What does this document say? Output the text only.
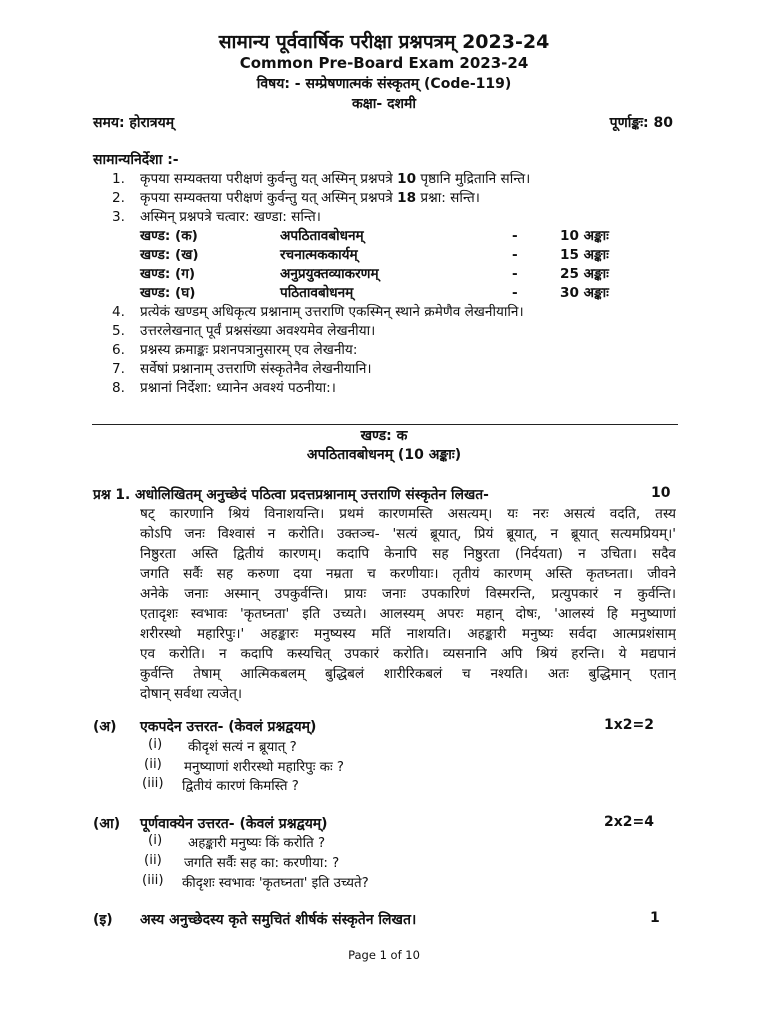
सामान्य पूर्ववार्षिक परीक्षा प्रश्नपत्रम् 2023-24
Common Pre-Board Exam 2023-24
विषय: - सम्प्रेषणात्मकं संस्कृतम् (Code-119)
कक्षा- दशमी
समय: होरात्रयम्	पूर्णाङ्कः: 80
सामान्यनिर्देशा :-
1.	कृपया सम्यक्तया परीक्षणं कुर्वन्तु यत् अस्मिन् प्रश्नपत्रे 10 पृष्ठानि मुद्रितानि सन्ति।
2.	कृपया सम्यक्तया परीक्षणं कुर्वन्तु यत् अस्मिन् प्रश्नपत्रे 18 प्रश्ना: सन्ति।
3.	अस्मिन् प्रश्नपत्रे चत्वार: खण्डा: सन्ति।
खण्ड: (क)	अपठितावबोधनम्	-	10 अङ्काः
खण्ड: (ख)	रचनात्मककार्यम्	-	15 अङ्काः
खण्ड: (ग)	अनुप्रयुक्तव्याकरणम्	-	25 अङ्काः
खण्ड: (घ)	पठितावबोधनम्	-	30 अङ्काः
4.	प्रत्येकं खण्डम् अधिकृत्य प्रश्नानाम् उत्तराणि एकस्मिन् स्थाने क्रमेणैव लेखनीयानि।
5.	उत्तरलेखनात् पूर्वं प्रश्नसंख्या अवश्यमेव लेखनीया।
6.	प्रश्नस्य क्रमाङ्कः प्रशनपत्रानुसारम् एव लेखनीय:
7.	सर्वेषां प्रश्नानाम् उत्तराणि संस्कृतेनैव लेखनीयानि।
8.	प्रश्नानां निर्देशा: ध्यानेन अवश्यं पठनीया:।
खण्ड: क
अपठितावबोधनम् (10 अङ्काः)
प्रश्न 1. अधोलिखितम् अनुच्छेदं पठित्वा प्रदत्तप्रश्नानाम् उत्तराणि संस्कृतेन लिखत-	10
षट् कारणानि श्रियं विनाशयन्ति। प्रथमं कारणमस्ति असत्यम्। यः नरः असत्यं वदति, तस्य
कोऽपि जनः विश्वासं न करोति। उक्तञ्च- 'सत्यं ब्रूयात्, प्रियं ब्रूयात्, न ब्रूयात् सत्यमप्रियम्।'
निष्ठुरता अस्ति द्वितीयं कारणम्। कदापि केनापि सह निष्ठुरता (निर्दयता) न उचिता। सदैव
जगति सर्वैः सह करुणा दया नम्रता च करणीयाः। तृतीयं कारणम् अस्ति कृतघ्नता। जीवने
अनेके जनाः अस्मान् उपकुर्वन्ति। प्रायः जनाः उपकारिणं विस्मरन्ति, प्रत्युपकारं न कुर्वन्ति।
एतादृशः स्वभावः 'कृतघ्नता' इति उच्यते। आलस्यम् अपरः महान् दोषः, 'आलस्यं हि मनुष्याणां
शरीरस्थो महारिपुः।' अहङ्कारः मनुष्यस्य मतिं नाशयति। अहङ्कारी मनुष्यः सर्वदा आत्मप्रशंसाम्
एव करोति। न कदापि कस्यचित् उपकारं करोति। व्यसनानि अपि श्रियं हरन्ति। ये मद्यपानं
कुर्वन्ति तेषाम् आत्मिकबलम् बुद्धिबलं शारीरिकबलं च नश्यति। अतः बुद्धिमान् एतान्
दोषान् सर्वथा त्यजेत्।
(अ) एकपदेन उत्तरत- (केवलं प्रश्नद्वयम्)	1x2=2
(i) कीदृशं सत्यं न ब्रूयात् ?
(ii) मनुष्याणां शरीरस्थो महारिपुः कः ?
(iii) द्वितीयं कारणं किमस्ति ?
(आ) पूर्णवाक्येन उत्तरत- (केवलं प्रश्नद्वयम्)	2x2=4
(i) अहङ्कारी मनुष्यः किं करोति ?
(ii) जगति सर्वैः सह का: करणीया: ?
(iii) कीदृशः स्वभावः 'कृतघ्नता' इति उच्यते?
(इ) अस्य अनुच्छेदस्य कृते समुचितं शीर्षकं संस्कृतेन लिखत।	1
Page 1 of 10
